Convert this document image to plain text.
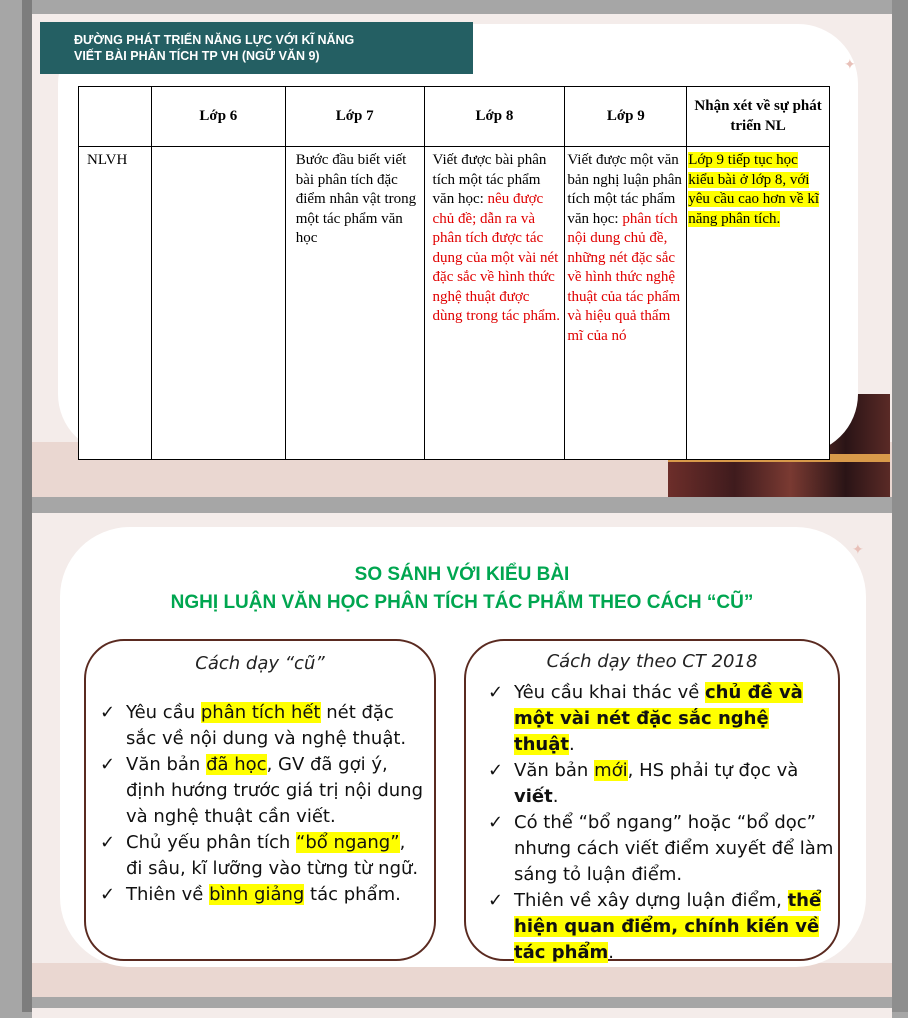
✦
ĐƯỜNG PHÁT TRIỂN NĂNG LỰC VỚI KĨ NĂNG
VIẾT BÀI PHÂN TÍCH TP VH (NGỮ VĂN 9)
	Lớp 6	Lớp 7	Lớp 8	Lớp 9	Nhận xét về sự phát triển NL
NLVH		Bước đầu biết viết bài phân tích đặc điểm nhân vật trong một tác phẩm văn học	Viết được bài phân tích một tác phẩm văn học: nêu được chủ đề; dẫn ra và phân tích được tác dụng của một vài nét đặc sắc về hình thức nghệ thuật được dùng trong tác phẩm.	Viết được một văn bản nghị luận phân tích một tác phẩm văn học: phân tích nội dung chủ đề, những nét đặc sắc về hình thức nghệ thuật của tác phẩm và hiệu quả thẩm mĩ của nó	Lớp 9 tiếp tục học kiểu bài ở lớp 8, với yêu cầu cao hơn về kĩ năng phân tích.
✦
SO SÁNH VỚI KIỂU BÀI
NGHỊ LUẬN VĂN HỌC PHÂN TÍCH TÁC PHẨM THEO CÁCH “CŨ”
Cách dạy “cũ”
✓ Yêu cầu phân tích hết nét đặc sắc về nội dung và nghệ thuật.
✓ Văn bản đã học, GV đã gợi ý, định hướng trước giá trị nội dung và nghệ thuật cần viết.
✓ Chủ yếu phân tích “bổ ngang”, đi sâu, kĩ lưỡng vào từng từ ngữ.
✓ Thiên về bình giảng tác phẩm.
Cách dạy theo CT 2018
✓ Yêu cầu khai thác về chủ đề và một vài nét đặc sắc nghệ thuật.
✓ Văn bản mới, HS phải tự đọc và viết.
✓ Có thể “bổ ngang” hoặc “bổ dọc” nhưng cách viết điểm xuyết để làm sáng tỏ luận điểm.
✓ Thiên về xây dựng luận điểm, thể hiện quan điểm, chính kiến về tác phẩm.
